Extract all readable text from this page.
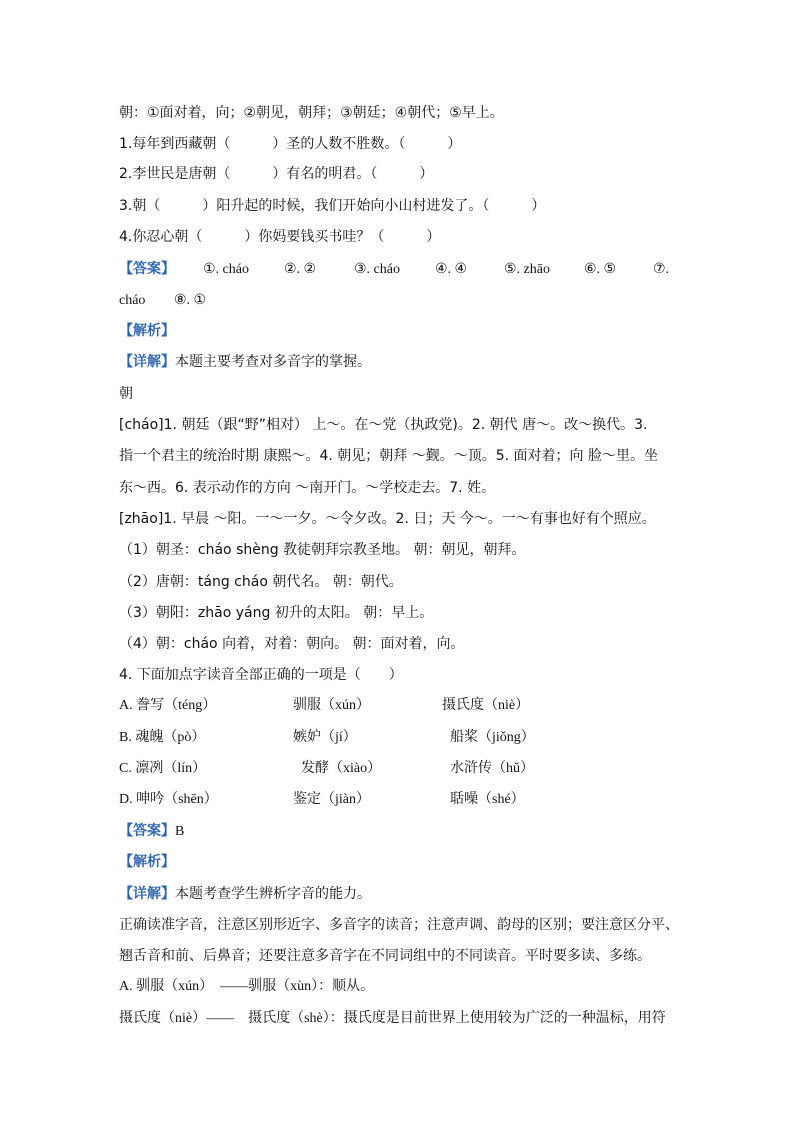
朝：①面对着，向；②朝见，朝拜；③朝廷；④朝代；⑤早上。
1.每年到西藏朝（　　　）圣的人数不胜数。（　　　）
2.李世民是唐朝（　　　）有名的明君。（　　　）
3.朝（　　　）阳升起的时候，我们开始向小山村进发了。（　　　）
4.你忍心朝（　　　）你妈要钱买书哇？（　　　）
【答案】 ①. cháo	②. ②	③. cháo	④. ④	⑤. zhāo ⑥. ⑤	⑦.
cháo ⑧. ①
【解析】
【详解】本题主要考查对多音字的掌握。
朝
[cháo]1. 朝廷（跟“野”相对） 上～。在～党（执政党)。2. 朝代 唐～。改～换代。3.
指一个君主的统治时期 康熙～。4. 朝见；朝拜 ～觐。～顶。5. 面对着；向 脸～里。坐
东～西。6. 表示动作的方向 ～南开门。～学校走去。7. 姓。
[zhāo]1. 早晨 ～阳。一～一夕。～令夕改。2. 日；天 今～。一～有事也好有个照应。
（1）朝圣：cháo shèng 教徒朝拜宗教圣地。 朝：朝见，朝拜。
（2）唐朝：táng cháo 朝代名。 朝：朝代。
（3）朝阳：zhāo yáng 初升的太阳。 朝：早上。
（4）朝：cháo 向着，对着：朝向。 朝：面对着，向。
4. 下面加点字读音全部正确的一项是（　　）
A. 誊写（téng）	驯服（xún）	摄氏度（niè）
B. 魂魄（pò）	嫉妒（jí）	船桨（jiǒng）
C. 凛冽（lín）	发酵（xiào）	水浒传（hǔ）
D. 呻吟（shēn）	鉴定（jiàn）	聒噪（shé）
【答案】B
【解析】
【详解】本题考查学生辨析字音的能力。
正确读准字音，注意区别形近字、多音字的读音；注意声调、韵母的区别；要注意区分平、
翘舌音和前、后鼻音；还要注意多音字在不同词组中的不同读音。平时要多读、多练。
A. 驯服（xún）　——驯服（xùn）：顺从。
摄氏度（niè）——　摄氏度（shè）：摄氏度是目前世界上使用较为广泛的一种温标，用符
